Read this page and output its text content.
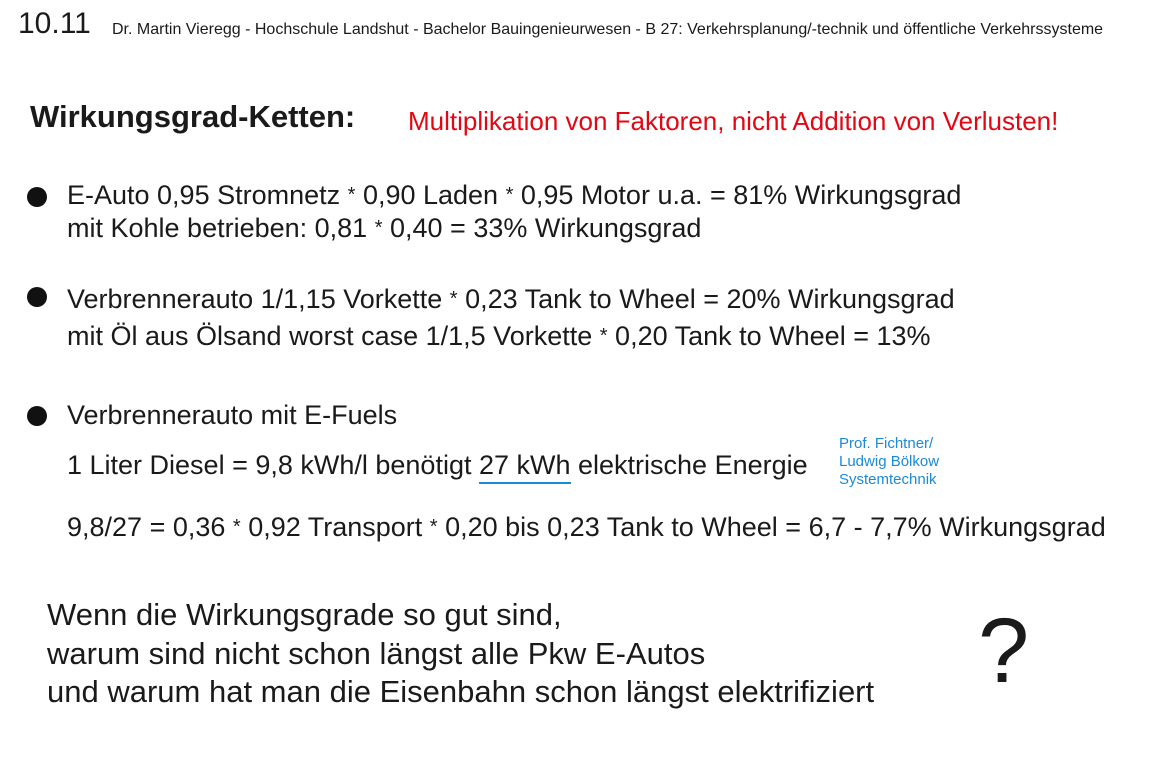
10.11 Dr. Martin Vieregg - Hochschule Landshut - Bachelor Bauingenieurwesen - B 27: Verkehrsplanung/-technik und öffentliche Verkehrssysteme
Wirkungsgrad-Ketten: Multiplikation von Faktoren, nicht Addition von Verlusten!
E-Auto 0,95 Stromnetz * 0,90 Laden * 0,95 Motor u.a. = 81% Wirkungsgrad
mit Kohle betrieben: 0,81 * 0,40 = 33% Wirkungsgrad
Verbrennerauto 1/1,15 Vorkette * 0,23 Tank to Wheel = 20% Wirkungsgrad
mit Öl aus Ölsand worst case 1/1,5 Vorkette * 0,20 Tank to Wheel = 13%
Verbrennerauto mit E-Fuels
1 Liter Diesel = 9,8 kWh/l benötigt 27 kWh elektrische Energie
Prof. Fichtner/ Ludwig Bölkow Systemtechnik
9,8/27 = 0,36 * 0,92 Transport * 0,20 bis 0,23 Tank to Wheel = 6,7 - 7,7% Wirkungsgrad
Wenn die Wirkungsgrade so gut sind,
warum sind nicht schon längst alle Pkw E-Autos
und warum hat man die Eisenbahn schon längst elektrifiziert ?
